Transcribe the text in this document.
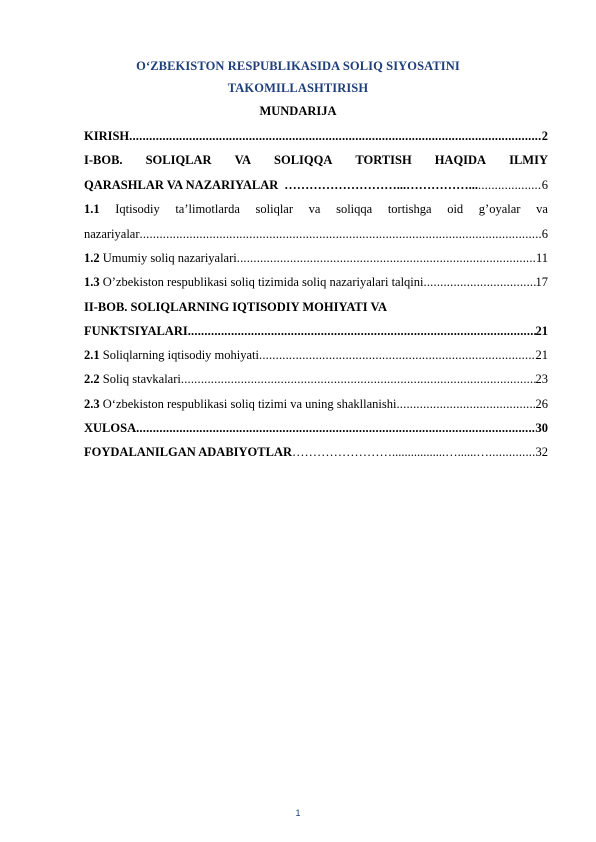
O‘ZBEKISTON RESPUBLIKASIDA SOLIQ SIYOSATINI
TAKOMILLASHTIRISH
MUNDARIJA
KIRISH .....	2
I-BOB. SOLIQLAR VA SOLIQQA TORTISH HAQIDA ILMIY
QARASHLAR VA NAZARIYALAR ………………………...……………... .....	6
1.1 Iqtisodiy ta’limotlarda soliqlar va soliqqa tortishga oid g’oyalar va
nazariyalar .....	6
1.2 Umumiy soliq nazariyalari .....	11
1.3 O’zbekiston respublikasi soliq tizimida soliq nazariyalari talqini .....	17
II-BOB. SOLIQLARNING IQTISODIY MOHIYATI VA
FUNKTSIYALARI .....	21
2.1 Soliqlarning iqtisodiy mohiyati .....	21
2.2 Soliq stavkalari .....	23
2.3 O‘zbekiston respublikasi soliq tizimi va uning shakllanishi .....	26
XULOSA .....	30
FOYDALANILGAN ADABIYOTLAR …………………….................…......… .....	32
1
